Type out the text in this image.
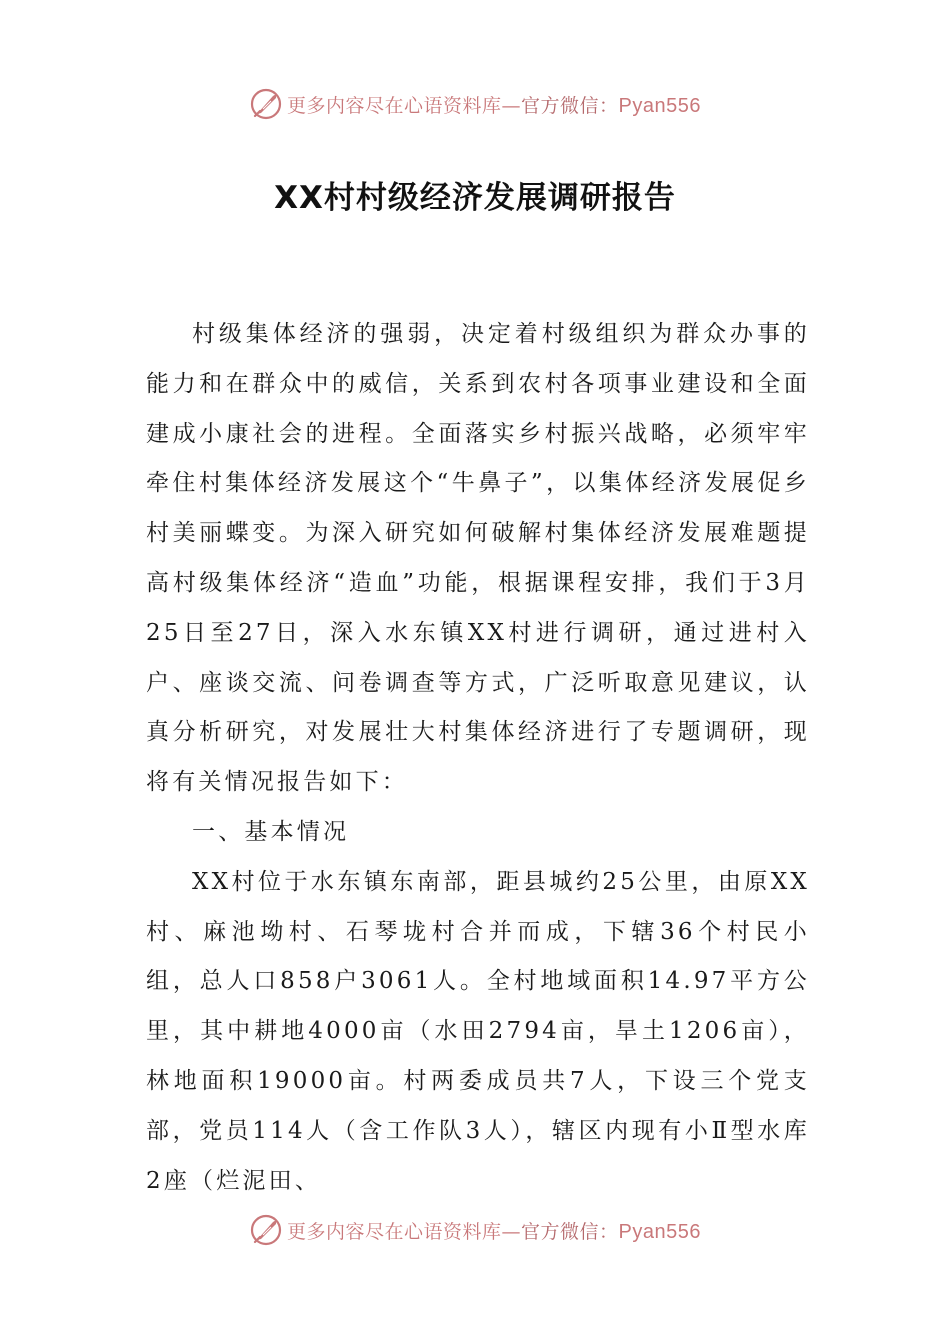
更多内容尽在心语资料库—官方微信：Pyan556
XX村村级经济发展调研报告

村级集体经济的强弱，决定着村级组织为群众办事的能力和在群众中的威信，关系到农村各项事业建设和全面建成小康社会的进程。全面落实乡村振兴战略，必须牢牢牵住村集体经济发展这个“牛鼻子”，以集体经济发展促乡村美丽蝶变。为深入研究如何破解村集体经济发展难题提高村级集体经济“造血”功能，根据课程安排，我们于3月25日至27日，深入水东镇XX村进行调研，通过进村入户、座谈交流、问卷调查等方式，广泛听取意见建议，认真分析研究，对发展壮大村集体经济进行了专题调研，现将有关情况报告如下：

一、基本情况

XX村位于水东镇东南部，距县城约25公里，由原XX村、麻池坳村、石琴垅村合并而成，下辖36个村民小组，总人口858户3061人。全村地域面积14.97平方公里，其中耕地4000亩（水田2794亩，旱土1206亩），林地面积19000亩。村两委成员共7人，下设三个党支部，党员114人（含工作队3人），辖区内现有小Ⅱ型水库2座（烂泥田、

更多内容尽在心语资料库—官方微信：Pyan556
